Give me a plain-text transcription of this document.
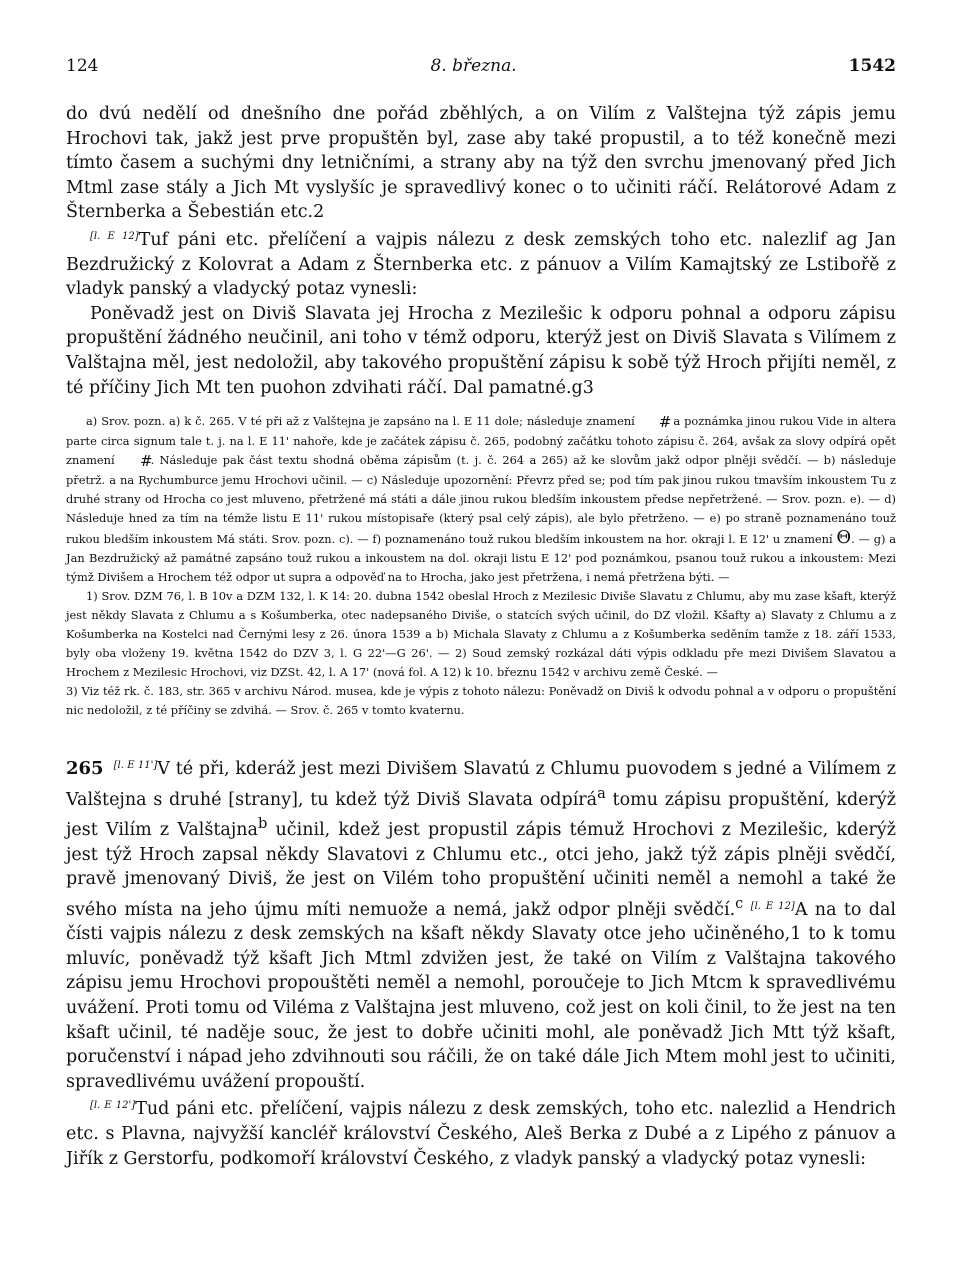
124	8. března.	1542

do dvú nedělí od dnešního dne pořád zběhlých, a on Vilím z Valštejna týž zápis jemu Hrochovi tak, jakž jest prve propuštěn byl, zase aby také propustil, a to též konečně mezi tímto časem a suchými dny letničními, a strany aby na týž den svrchu jmenovaný před Jich Mtml zase stály a Jich Mt vyslyšíc je spravedlivý konec o to učiniti ráčí. Relátorové Adam z Šternberka a Šebestián etc.2

[l. E 12]Tuf páni etc. přelíčení a vajpis nálezu z desk zemských toho etc. nalezlif ag Jan Bezdružický z Kolovrat a Adam z Šternberka etc. z pánuov a Vilím Kamajtský ze Lstibořě z vladyk panský a vladycký potaz vynesli:

Poněvadž jest on Diviš Slavata jej Hrocha z Mezilešic k odporu pohnal a odporu zápisu propuštění žádného neučinil, ani toho v témž odporu, kterýž jest on Diviš Slavata s Vilímem z Valštajna měl, jest nedoložil, aby takového propuštění zápisu k sobě týž Hroch přijíti neměl, z té příčiny Jich Mt ten puohon zdvihati ráčí. Dal pamatné.g3

a) Srov. pozn. a) k č. 265. V té při až z Valštejna je zapsáno na l. E 11 dole; následuje znamení # a poznámka jinou rukou Vide in altera parte circa signum tale t. j. na l. E 11' nahoře, kde je začátek zápisu č. 265, podobný začátku tohoto zápisu č. 264, avšak za slovy odpírá opět znamení #. Následuje pak část textu shodná oběma zápisům (t. j. č. 264 a 265) až ke slovům jakž odpor plněji svědčí. — b) následuje přetrž. a na Rychumburce jemu Hrochovi učinil. — c) Následuje upozornění: Převrz před se; pod tím pak jinou rukou tmavším inkoustem Tu z druhé strany od Hrocha co jest mluveno, přetržené má státi a dále jinou rukou bledším inkoustem předse nepřetržené. — Srov. pozn. e). — d) Následuje hned za tím na témže listu E 11' rukou místopisaře (který psal celý zápis), ale bylo přetrženo. — e) po straně poznamenáno touž rukou bledším inkoustem Má státi. Srov. pozn. c). — f) poznamenáno touž rukou bledším inkoustem na hor. okraji l. E 12' u znamení Θ. — g) a Jan Bezdružický až památné zapsáno touž rukou a inkoustem na dol. okraji listu E 12' pod poznámkou, psanou touž rukou a inkoustem: Mezi týmž Divišem a Hrochem též odpor ut supra a odpověď na to Hrocha, jako jest přetržena, i nemá přetržena býti. —

1) Srov. DZM 76, l. B 10v a DZM 132, l. K 14: 20. dubna 1542 obeslal Hroch z Mezilesic Diviše Slavatu z Chlumu, aby mu zase kšaft, kterýž jest někdy Slavata z Chlumu a s Košumberka, otec nadepsaného Diviše, o statcích svých učinil, do DZ vložil. Kšafty a) Slavaty z Chlumu a z Košumberka na Kostelci nad Černými lesy z 26. února 1539 a b) Michala Slavaty z Chlumu a z Košumberka seděním tamže z 18. září 1533, byly oba vloženy 19. května 1542 do DZV 3, l. G 22'—G 26'. — 2) Soud zemský rozkázal dáti výpis odkladu pře mezi Divišem Slavatou a Hrochem z Mezilesic Hrochovi, viz DZSt. 42, l. A 17' (nová fol. A 12) k 10. březnu 1542 v archivu země České. —

3) Viz též rk. č. 183, str. 365 v archivu Národ. musea, kde je výpis z tohoto nálezu: Poněvadž on Diviš k odvodu pohnal a v odporu o propuštění nic nedoložil, z té příčiny se zdvihá. — Srov. č. 265 v tomto kvaternu.

265 [l. E 11']V té při, kderáž jest mezi Divišem Slavatú z Chlumu puovodem s jedné a Vilímem z Valštejna s druhé [strany], tu kdež týž Diviš Slavata odpírá$^a$ tomu zápisu propuštění, kderýž jest Vilím z Valštajna$^b$ učinil, kdež jest propustil zápis témuž Hrochovi z Mezilešic, kderýž jest týž Hroch zapsal někdy Slavatovi z Chlumu etc., otci jeho, jakž týž zápis plněji svědčí, pravě jmenovaný Diviš, že jest on Vilém toho propuštění učiniti neměl a nemohl a také že svého místa na jeho újmu míti nemuože a nemá, jakž odpor plněji svědčí.$^c$ [l. E 12]A na to dal čísti vajpis nálezu z desk zemských na kšaft někdy Slavaty otce jeho učiněného,1 to k tomu mluvíc, poněvadž týž kšaft Jich Mtml zdvižen jest, že také on Vilím z Valštajna takového zápisu jemu Hrochovi propouštěti neměl a nemohl, poroučeje to Jich Mtcm k spravedlivému uvážení. Proti tomu od Viléma z Valštajna jest mluveno, což jest on koli činil, to že jest na ten kšaft učinil, té naděje souc, že jest to dobře učiniti mohl, ale poněvadž Jich Mtt týž kšaft, poručenství i nápad jeho zdvihnouti sou ráčili, že on také dále Jich Mtem mohl jest to učiniti, spravedlivému uvážení propouští.

[l. E 12']Tud páni etc. přelíčení, vajpis nálezu z desk zemských, toho etc. nalezlid a Hendrich etc. s Plavna, najvyžší kancléř království Českého, Aleš Berka z Dubé a z Lipého z pánuov a Jiřík z Gerstorfu, podkomoří království Českého, z vladyk panský a vladycký potaz vynesli:
